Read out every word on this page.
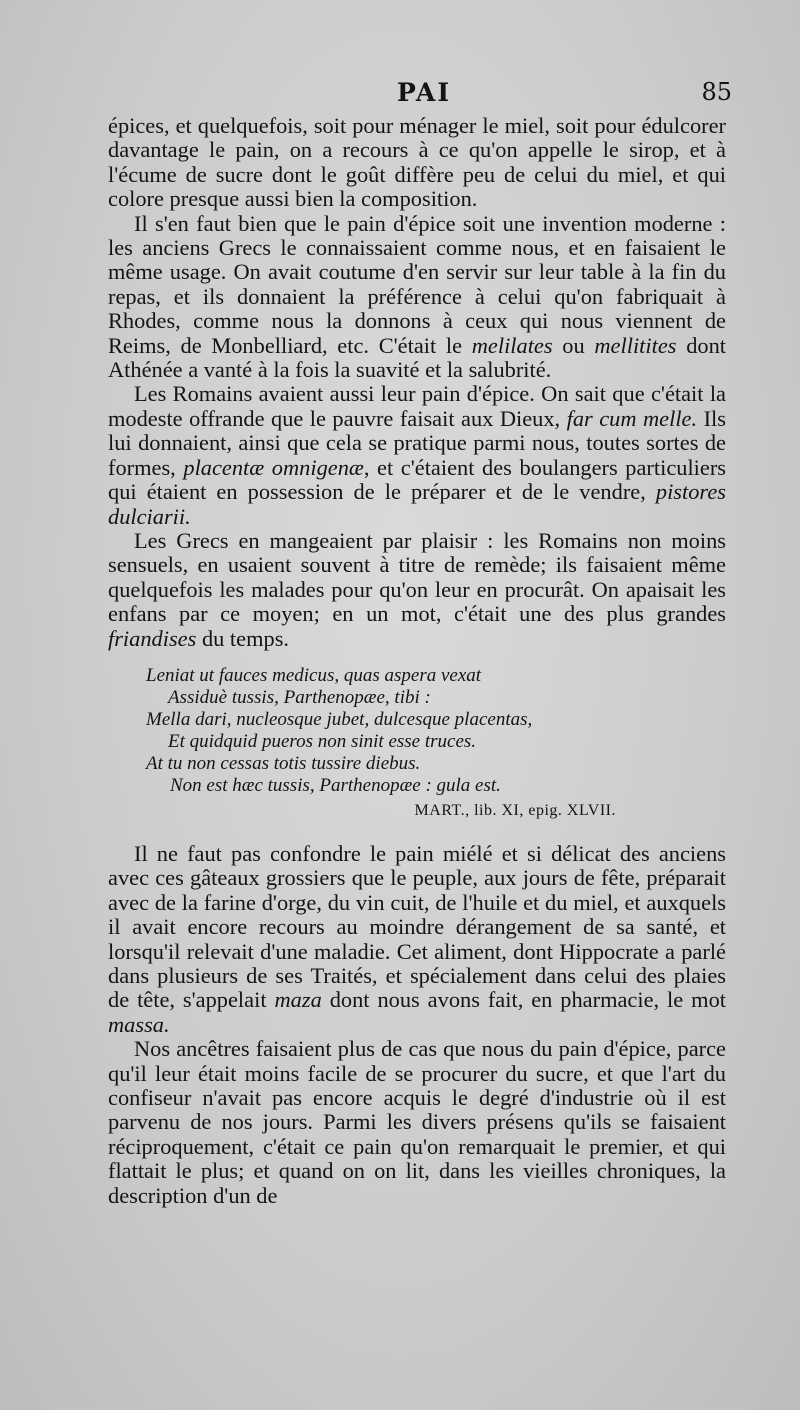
PAI	85

épices, et quelquefois, soit pour ménager le miel, soit pour édulcorer davantage le pain, on a recours à ce qu'on appelle le sirop, et à l'écume de sucre dont le goût diffère peu de celui du miel, et qui colore presque aussi bien la composition.

Il s'en faut bien que le pain d'épice soit une invention moderne : les anciens Grecs le connaissaient comme nous, et en faisaient le même usage. On avait coutume d'en servir sur leur table à la fin du repas, et ils donnaient la préférence à celui qu'on fabriquait à Rhodes, comme nous la donnons à ceux qui nous viennent de Reims, de Monbelliard, etc. C'était le melilates ou mellitites dont Athénée a vanté à la fois la suavité et la salubrité.

Les Romains avaient aussi leur pain d'épice. On sait que c'était la modeste offrande que le pauvre faisait aux Dieux, far cum melle. Ils lui donnaient, ainsi que cela se pratique parmi nous, toutes sortes de formes, placentæ omnigenæ, et c'étaient des boulangers particuliers qui étaient en possession de le préparer et de le vendre, pistores dulciarii.

Les Grecs en mangeaient par plaisir : les Romains non moins sensuels, en usaient souvent à titre de remède; ils faisaient même quelquefois les malades pour qu'on leur en procurât. On apaisait les enfans par ce moyen; en un mot, c'était une des plus grandes friandises du temps.

Leniat ut fauces medicus, quas aspera vexat
Assiduè tussis, Parthenopæe, tibi :
Mella dari, nucleosque jubet, dulcesque placentas,
Et quidquid pueros non sinit esse truces.
At tu non cessas totis tussire diebus.
Non est hæc tussis, Parthenopæe : gula est.
MART., lib. XI, epig. XLVII.

Il ne faut pas confondre le pain miélé et si délicat des anciens avec ces gâteaux grossiers que le peuple, aux jours de fête, préparait avec de la farine d'orge, du vin cuit, de l'huile et du miel, et auxquels il avait encore recours au moindre dérangement de sa santé, et lorsqu'il relevait d'une maladie. Cet aliment, dont Hippocrate a parlé dans plusieurs de ses Traités, et spécialement dans celui des plaies de tête, s'appelait maza dont nous avons fait, en pharmacie, le mot massa.

Nos ancêtres faisaient plus de cas que nous du pain d'épice, parce qu'il leur était moins facile de se procurer du sucre, et que l'art du confiseur n'avait pas encore acquis le degré d'industrie où il est parvenu de nos jours. Parmi les divers présens qu'ils se faisaient réciproquement, c'était ce pain qu'on remarquait le premier, et qui flattait le plus; et quand on on lit, dans les vieilles chroniques, la description d'un de
